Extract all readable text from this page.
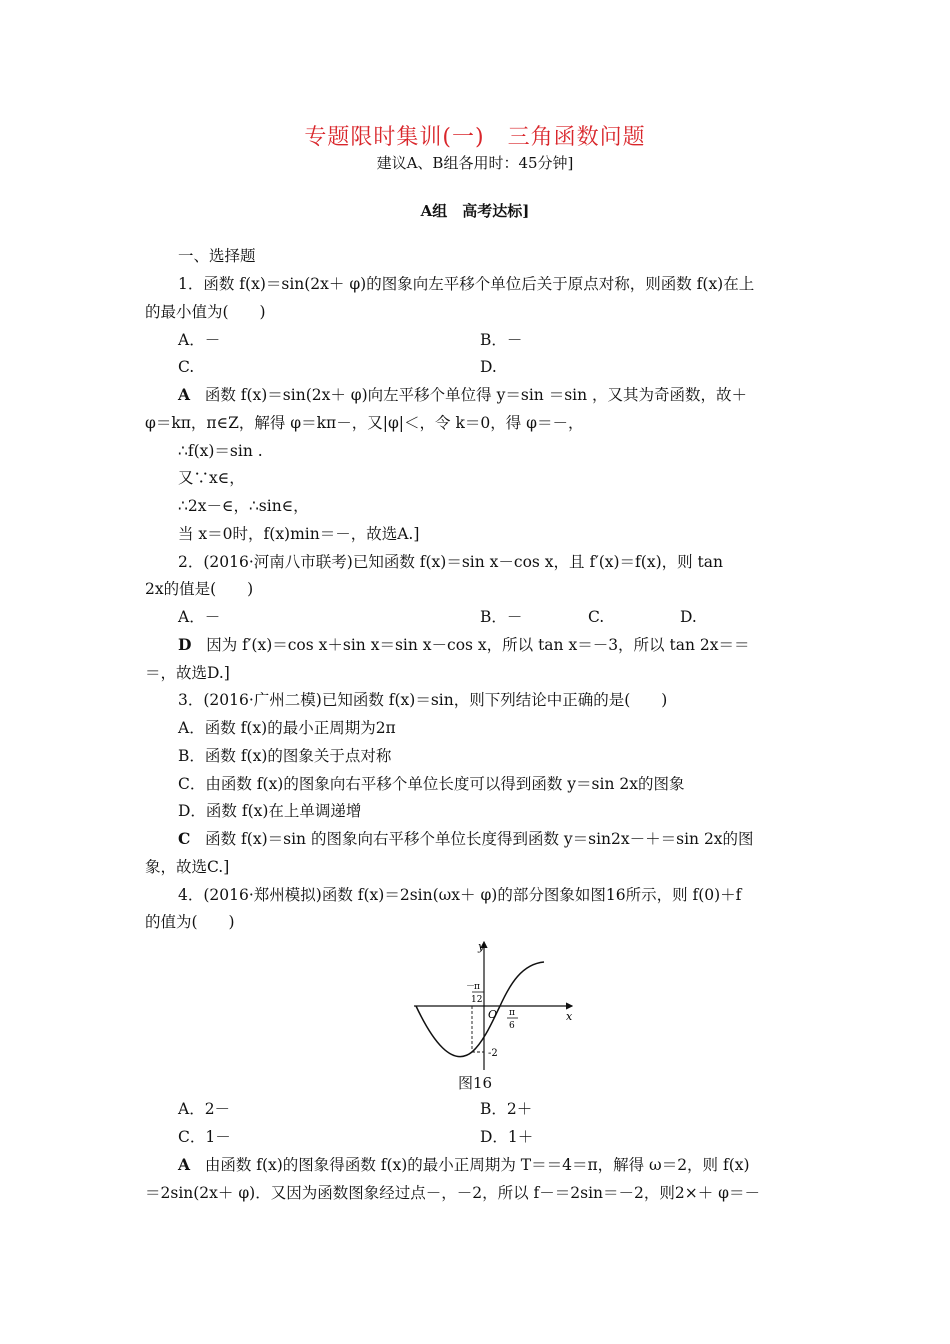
专题限时集训(一)　三角函数问题
建议A、B组各用时：45分钟]
A组　高考达标]
一、选择题
1．函数 f(x)＝sin(2x＋ φ)的图象向左平移个单位后关于原点对称，则函数 f(x)在上
的最小值为(　　)
A．－	B．－
C.	D.
A 函数 f(x)＝sin(2x＋ φ)向左平移个单位得 y＝sin ＝sin ，又其为奇函数，故＋
φ＝kπ，π∈Z，解得 φ＝kπ－，又|φ|＜，令 k＝0，得 φ＝－，
∴f(x)＝sin .
又∵x∈，
∴2x－∈，∴sin∈，
当 x＝0时，f(x)min＝－，故选A.]
2．(2016·河南八市联考)已知函数 f(x)＝sin x－cos x，且 f′(x)＝f(x)，则 tan
2x的值是(　　)
A．－	B．－	C.	D.
D 因为 f′(x)＝cos x＋sin x＝sin x－cos x，所以 tan x＝－3，所以 tan 2x＝＝
＝，故选D.]
3．(2016·广州二模)已知函数 f(x)＝sin，则下列结论中正确的是(　　)
A．函数 f(x)的最小正周期为2π
B．函数 f(x)的图象关于点对称
C．由函数 f(x)的图象向右平移个单位长度可以得到函数 y＝sin 2x的图象
D．函数 f(x)在上单调递增
C 函数 f(x)＝sin 的图象向右平移个单位长度得到函数 y＝sin2x－＋＝sin 2x的图
象，故选C.]
4．(2016·郑州模拟)函数 f(x)＝2sin(ωx＋ φ)的部分图象如图16所示，则 f(0)＋f
的值为(　　)
y
x
O
－
π
12
π
6
-2
图16
A．2－	B．2＋
C．1－	D．1＋
A 由函数 f(x)的图象得函数 f(x)的最小正周期为 T＝＝4＝π，解得 ω＝2，则 f(x)
＝2sin(2x＋ φ)．又因为函数图象经过点－，－2，所以 f－＝2sin＝－2，则2×＋ φ＝－
